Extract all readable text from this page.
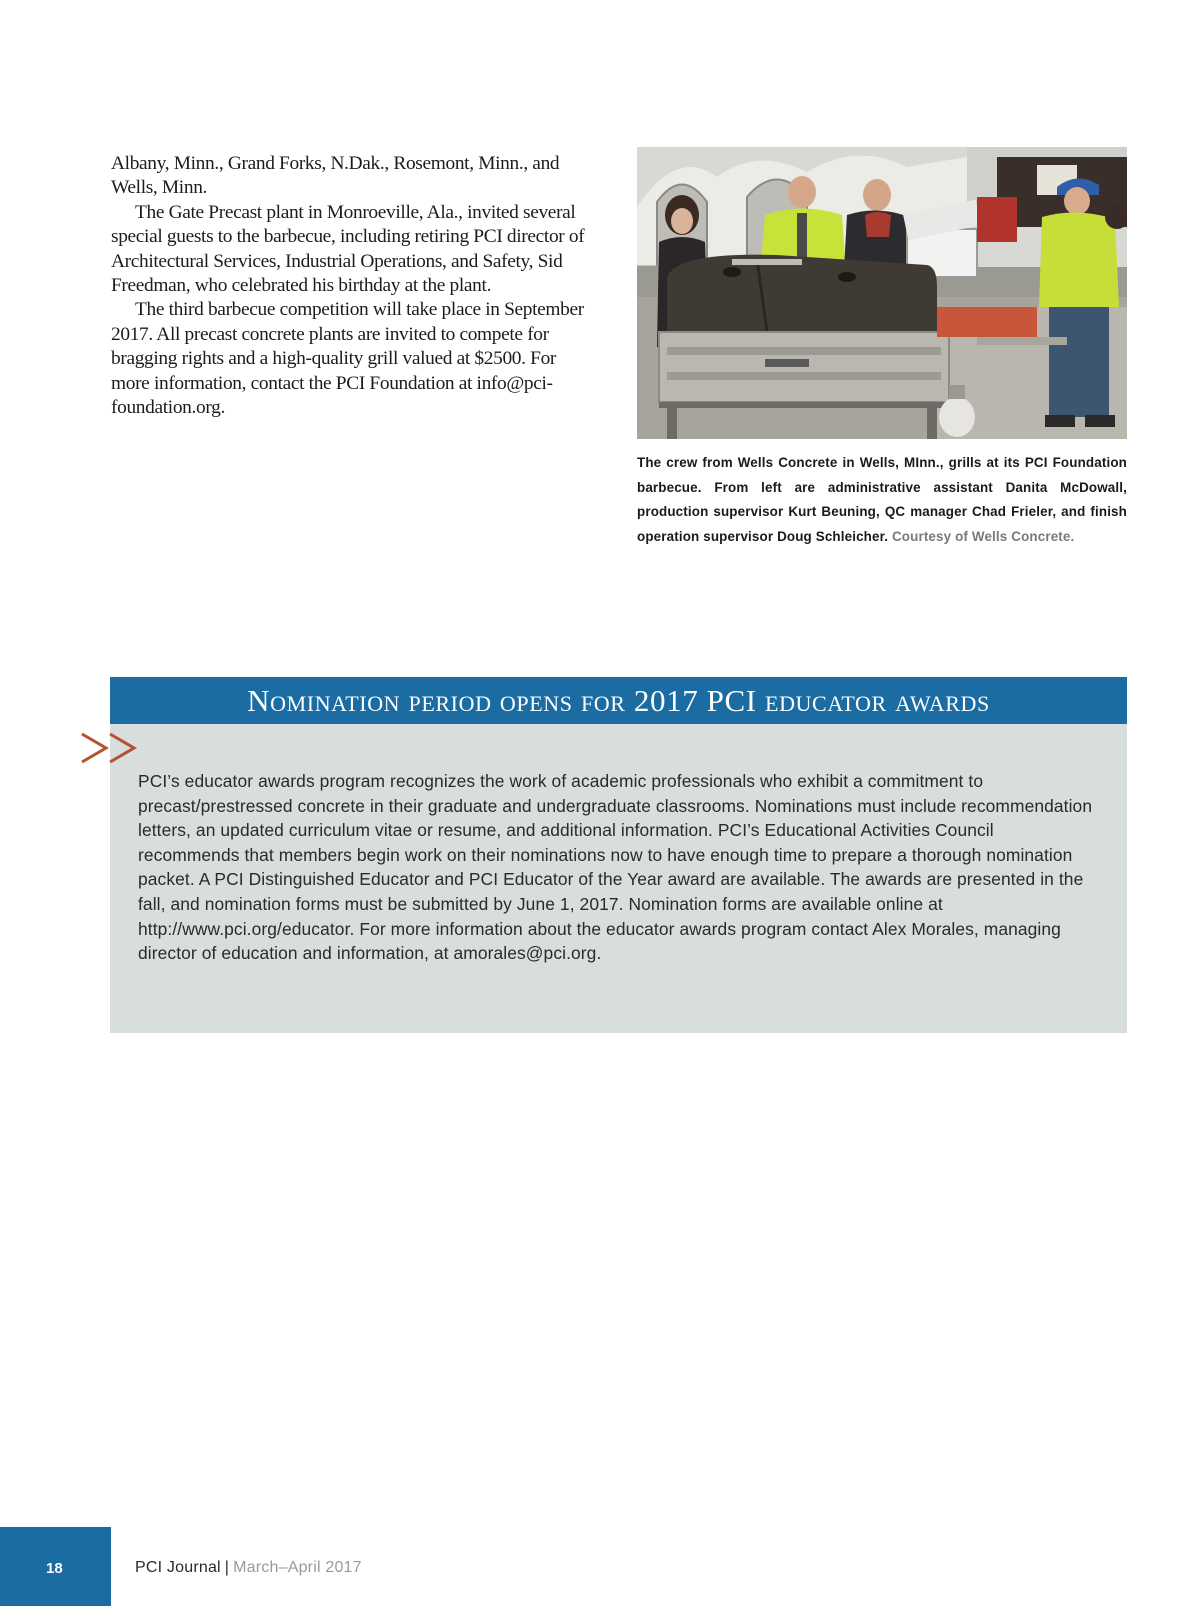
Albany, Minn., Grand Forks, N.Dak., Rosemont, Minn., and Wells, Minn.

The Gate Precast plant in Monroeville, Ala., invited several special guests to the barbecue, including retiring PCI director of Architectural Services, Industrial Operations, and Safety, Sid Freedman, who celebrated his birthday at the plant.

The third barbecue competition will take place in September 2017. All precast concrete plants are invited to compete for bragging rights and a high-quality grill valued at $2500. For more information, contact the PCI Foundation at info@pci-foundation.org.

The crew from Wells Concrete in Wells, MInn., grills at its PCI Foundation barbecue. From left are administrative assistant Danita McDowall, production supervisor Kurt Beuning, QC manager Chad Frieler, and finish operation supervisor Doug Schleicher. Courtesy of Wells Concrete.
Nomination period opens for 2017 PCI educator awards
PCI’s educator awards program recognizes the work of academic professionals who exhibit a commitment to precast/prestressed concrete in their graduate and undergraduate classrooms. Nominations must include recommendation letters, an updated curriculum vitae or resume, and additional information. PCI’s Educational Activities Council recommends that members begin work on their nominations now to have enough time to prepare a thorough nomination packet. A PCI Distinguished Educator and PCI Educator of the Year award are available. The awards are presented in the fall, and nomination forms must be submitted by June 1, 2017. Nomination forms are available online at http://www.pci.org/educator. For more information about the educator awards program contact Alex Morales, managing director of education and information, at amorales@pci.org.
18	PCI Journal | March–April 2017
